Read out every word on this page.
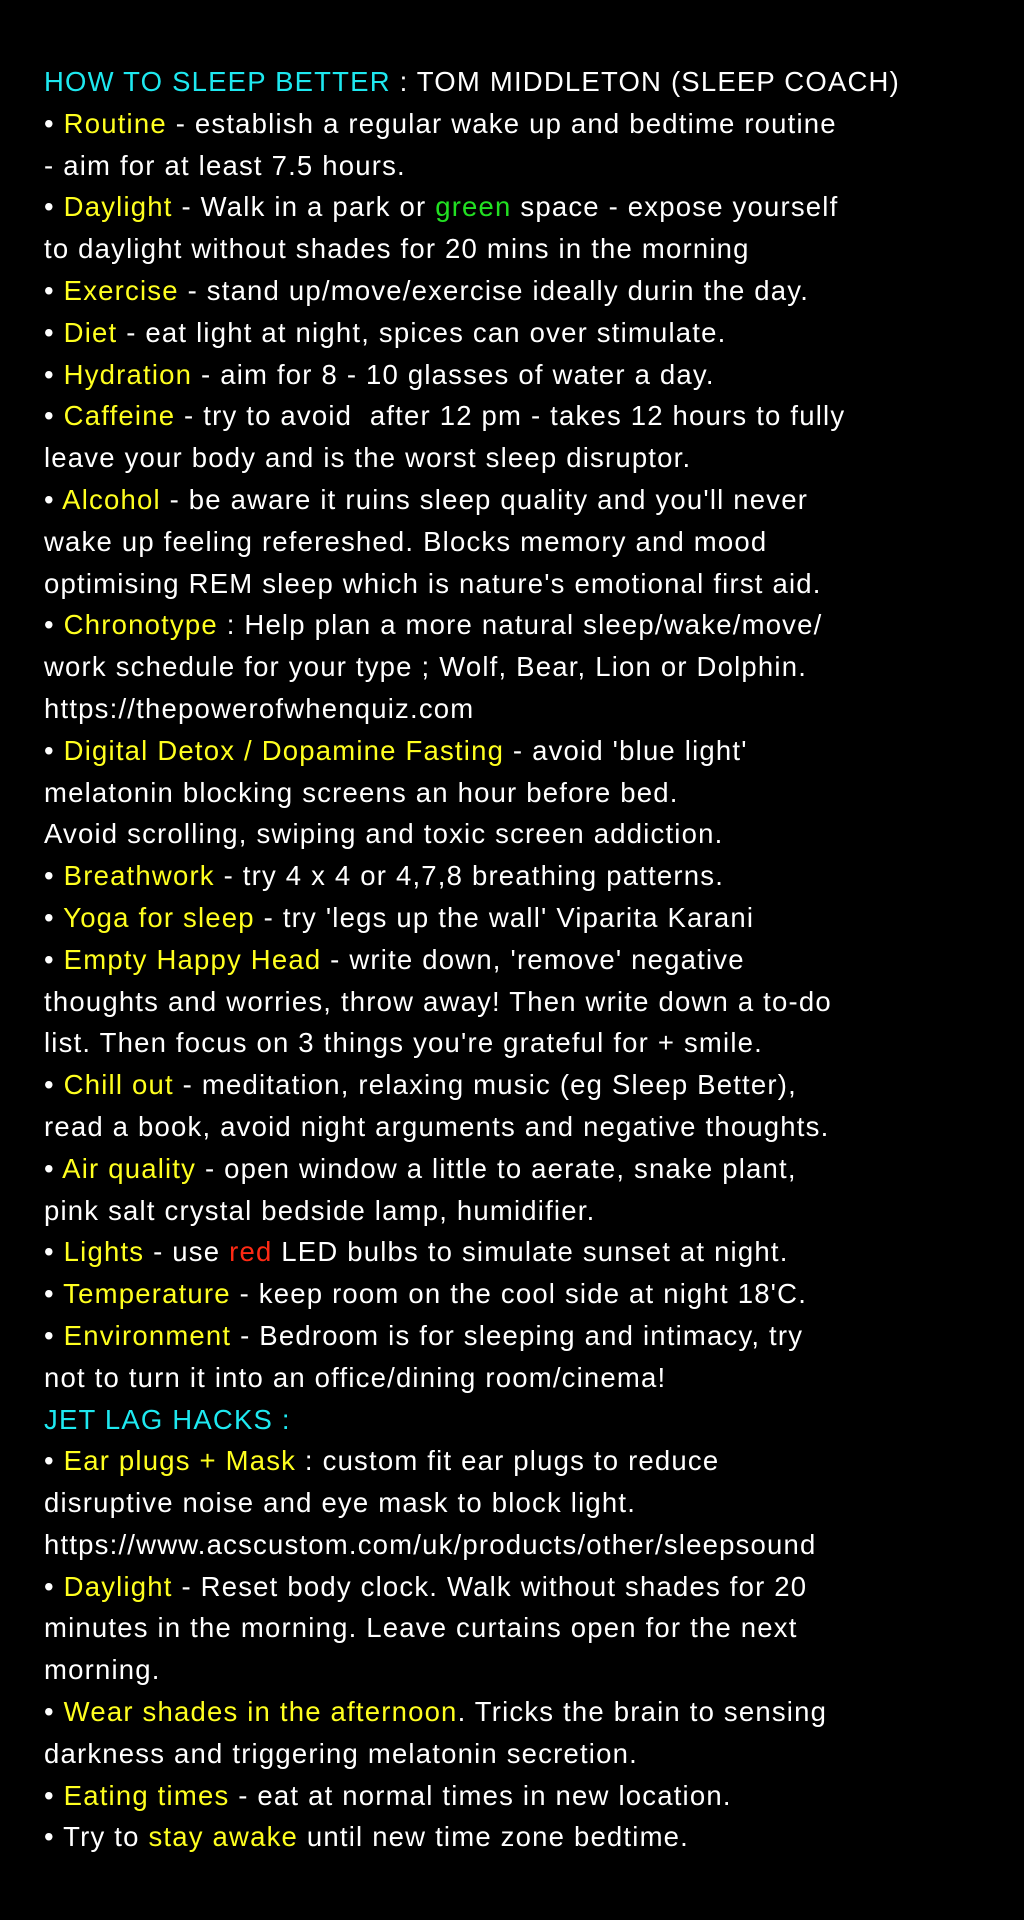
HOW TO SLEEP BETTER : TOM MIDDLETON (SLEEP COACH)
• Routine - establish a regular wake up and bedtime routine
- aim for at least 7.5 hours.
• Daylight - Walk in a park or green space - expose yourself
to daylight without shades for 20 mins in the morning
• Exercise - stand up/move/exercise ideally durin the day.
• Diet - eat light at night, spices can over stimulate.
• Hydration - aim for 8 - 10 glasses of water a day.
• Caffeine - try to avoid  after 12 pm - takes 12 hours to fully
leave your body and is the worst sleep disruptor.
• Alcohol - be aware it ruins sleep quality and you'll never
wake up feeling refereshed. Blocks memory and mood
optimising REM sleep which is nature's emotional first aid.
• Chronotype : Help plan a more natural sleep/wake/move/
work schedule for your type ; Wolf, Bear, Lion or Dolphin.
https://thepowerofwhenquiz.com
• Digital Detox / Dopamine Fasting - avoid 'blue light'
melatonin blocking screens an hour before bed.
Avoid scrolling, swiping and toxic screen addiction.
• Breathwork - try 4 x 4 or 4,7,8 breathing patterns.
• Yoga for sleep - try 'legs up the wall' Viparita Karani
• Empty Happy Head - write down, 'remove' negative
thoughts and worries, throw away! Then write down a to-do
list. Then focus on 3 things you're grateful for + smile.
• Chill out - meditation, relaxing music (eg Sleep Better),
read a book, avoid night arguments and negative thoughts.
• Air quality - open window a little to aerate, snake plant,
pink salt crystal bedside lamp, humidifier.
• Lights - use red LED bulbs to simulate sunset at night.
• Temperature - keep room on the cool side at night 18'C.
• Environment - Bedroom is for sleeping and intimacy, try
not to turn it into an office/dining room/cinema!
JET LAG HACKS :
• Ear plugs + Mask : custom fit ear plugs to reduce
disruptive noise and eye mask to block light.
https://www.acscustom.com/uk/products/other/sleepsound
• Daylight - Reset body clock. Walk without shades for 20
minutes in the morning. Leave curtains open for the next
morning.
• Wear shades in the afternoon. Tricks the brain to sensing
darkness and triggering melatonin secretion.
• Eating times - eat at normal times in new location.
• Try to stay awake until new time zone bedtime.
